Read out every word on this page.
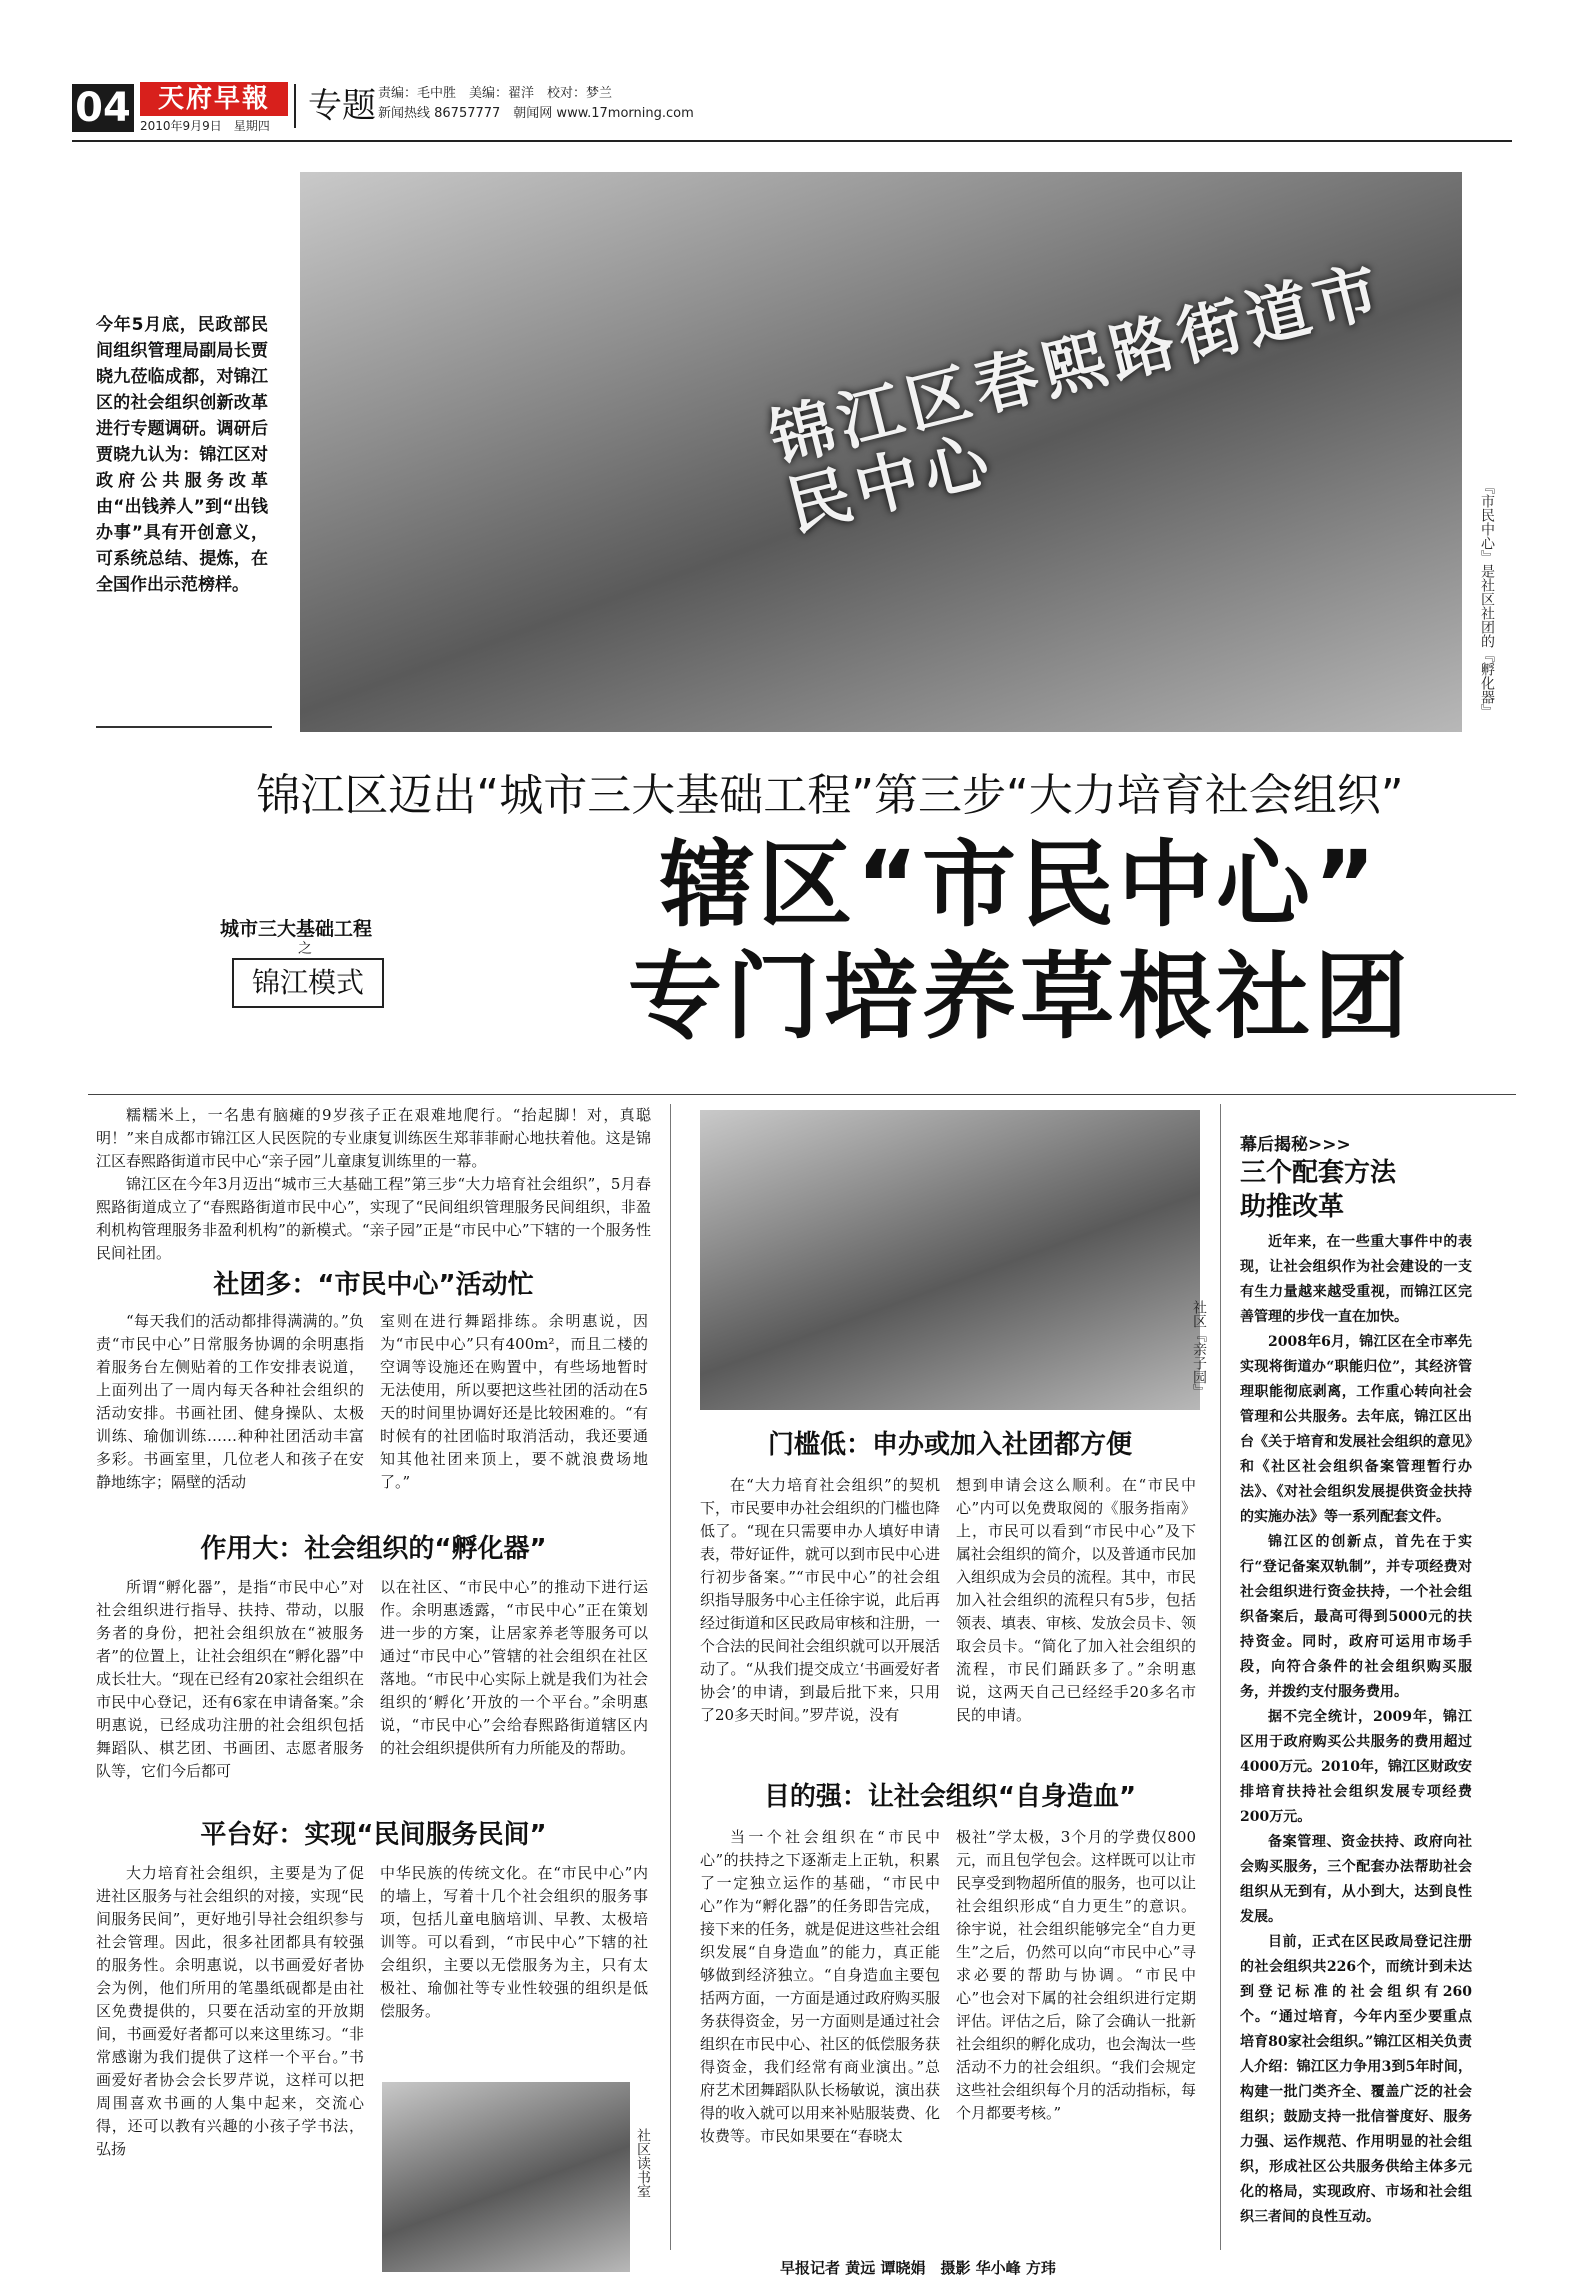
04	天府早報
2010年9月9日　星期四	专题 责编：毛中胜　美编：翟洋　校对：梦兰
新闻热线 86757777　朝闻网 www.17morning.com
锦江区春熙路街道市民中心	『市民中心』是社区社团的『孵化器』
今年5月底，民政部民间组织管理局副局长贾晓九莅临成都，对锦江区的社会组织创新改革进行专题调研。调研后贾晓九认为：锦江区对政府公共服务改革由“出钱养人”到“出钱办事”具有开创意义，可系统总结、提炼，在全国作出示范榜样。
锦江区迈出“城市三大基础工程”第三步“大力培育社会组织”
城市三大基础工程
之
锦江模式
辖区“市民中心”
专门培养草根社团

糯糯米上，一名患有脑瘫的9岁孩子正在艰难地爬行。“抬起脚！对，真聪明！”来自成都市锦江区人民医院的专业康复训练医生郑菲菲耐心地扶着他。这是锦江区春熙路街道市民中心“亲子园”儿童康复训练里的一幕。

锦江区在今年3月迈出“城市三大基础工程”第三步“大力培育社会组织”，5月春熙路街道成立了“春熙路街道市民中心”，实现了“民间组织管理服务民间组织，非盈利机构管理服务非盈利机构”的新模式。“亲子园”正是“市民中心”下辖的一个服务性民间社团。

社团多：“市民中心”活动忙
“每天我们的活动都排得满满的。”负责“市民中心”日常服务协调的余明惠指着服务台左侧贴着的工作安排表说道，上面列出了一周内每天各种社会组织的活动安排。书画社团、健身操队、太极训练、瑜伽训练……种种社团活动丰富多彩。书画室里，几位老人和孩子在安静地练字；隔壁的活动
室则在进行舞蹈排练。余明惠说，因为“市民中心”只有400m²，而且二楼的空调等设施还在购置中，有些场地暂时无法使用，所以要把这些社团的活动在5天的时间里协调好还是比较困难的。“有时候有的社团临时取消活动，我还要通知其他社团来顶上，要不就浪费场地了。”
作用大：社会组织的“孵化器”
所谓“孵化器”，是指“市民中心”对社会组织进行指导、扶持、带动，以服务者的身份，把社会组织放在“被服务者”的位置上，让社会组织在“孵化器”中成长壮大。“现在已经有20家社会组织在市民中心登记，还有6家在申请备案。”余明惠说，已经成功注册的社会组织包括舞蹈队、棋艺团、书画团、志愿者服务队等，它们今后都可
以在社区、“市民中心”的推动下进行运作。余明惠透露，“市民中心”正在策划进一步的方案，让居家养老等服务可以通过“市民中心”管辖的社会组织在社区落地。“市民中心实际上就是我们为社会组织的‘孵化’开放的一个平台。”余明惠说，“市民中心”会给春熙路街道辖区内的社会组织提供所有力所能及的帮助。
平台好：实现“民间服务民间”
大力培育社会组织，主要是为了促进社区服务与社会组织的对接，实现“民间服务民间”，更好地引导社会组织参与社会管理。因此，很多社团都具有较强的服务性。余明惠说，以书画爱好者协会为例，他们所用的笔墨纸砚都是由社区免费提供的，只要在活动室的开放期间，书画爱好者都可以来这里练习。“非常感谢为我们提供了这样一个平台。”书画爱好者协会会长罗芹说，这样可以把周围喜欢书画的人集中起来，交流心得，还可以教有兴趣的小孩子学书法，弘扬
中华民族的传统文化。在“市民中心”内的墙上，写着十几个社会组织的服务事项，包括儿童电脑培训、早教、太极培训等。可以看到，“市民中心”下辖的社会组织，主要以无偿服务为主，只有太极社、瑜伽社等专业性较强的组织是低偿服务。
社区读书室
社区『亲子园』
门槛低：申办或加入社团都方便
在“大力培育社会组织”的契机下，市民要申办社会组织的门槛也降低了。“现在只需要申办人填好申请表，带好证件，就可以到市民中心进行初步备案。”“市民中心”的社会组织指导服务中心主任徐宇说，此后再经过街道和区民政局审核和注册，一个合法的民间社会组织就可以开展活动了。“从我们提交成立‘书画爱好者协会’的申请，到最后批下来，只用了20多天时间。”罗芹说，没有
想到申请会这么顺利。在“市民中心”内可以免费取阅的《服务指南》上，市民可以看到“市民中心”及下属社会组织的简介，以及普通市民加入组织成为会员的流程。其中，市民加入社会组织的流程只有5步，包括领表、填表、审核、发放会员卡、领取会员卡。“简化了加入社会组织的流程，市民们踊跃多了。”余明惠说，这两天自己已经经手20多名市民的申请。
目的强：让社会组织“自身造血”
当一个社会组织在“市民中心”的扶持之下逐渐走上正轨，积累了一定独立运作的基础，“市民中心”作为“孵化器”的任务即告完成，接下来的任务，就是促进这些社会组织发展“自身造血”的能力，真正能够做到经济独立。“自身造血主要包括两方面，一方面是通过政府购买服务获得资金，另一方面则是通过社会组织在市民中心、社区的低偿服务获得资金，我们经常有商业演出。”总府艺术团舞蹈队队长杨敏说，演出获得的收入就可以用来补贴服装费、化妆费等。市民如果要在“春晓太
极社”学太极，3个月的学费仅800元，而且包学包会。这样既可以让市民享受到物超所值的服务，也可以让社会组织形成“自力更生”的意识。徐宇说，社会组织能够完全“自力更生”之后，仍然可以向“市民中心”寻求必要的帮助与协调。“市民中心”也会对下属的社会组织进行定期评估。评估之后，除了会确认一批新社会组织的孵化成功，也会淘汰一些活动不力的社会组织。“我们会规定这些社会组织每个月的活动指标，每个月都要考核。”
幕后揭秘>>>
三个配套方法
助推改革

近年来，在一些重大事件中的表现，让社会组织作为社会建设的一支有生力量越来越受重视，而锦江区完善管理的步伐一直在加快。

2008年6月，锦江区在全市率先实现将街道办“职能归位”，其经济管理职能彻底剥离，工作重心转向社会管理和公共服务。去年底，锦江区出台《关于培育和发展社会组织的意见》和《社区社会组织备案管理暂行办法》、《对社会组织发展提供资金扶持的实施办法》等一系列配套文件。

锦江区的创新点，首先在于实行“登记备案双轨制”，并专项经费对社会组织进行资金扶持，一个社会组织备案后，最高可得到5000元的扶持资金。同时，政府可运用市场手段，向符合条件的社会组织购买服务，并拨约支付服务费用。

据不完全统计，2009年，锦江区用于政府购买公共服务的费用超过4000万元。2010年，锦江区财政安排培育扶持社会组织发展专项经费200万元。

备案管理、资金扶持、政府向社会购买服务，三个配套办法帮助社会组织从无到有，从小到大，达到良性发展。

目前，正式在区民政局登记注册的社会组织共226个，而统计到未达到登记标准的社会组织有260个。“通过培育，今年内至少要重点培育80家社会组织。”锦江区相关负责人介绍：锦江区力争用3到5年时间，构建一批门类齐全、覆盖广泛的社会组织；鼓励支持一批信誉度好、服务力强、运作规范、作用明显的社会组织，形成社区公共服务供给主体多元化的格局，实现政府、市场和社会组织三者间的良性互动。

早报记者 黄远 谭晓娟　摄影 华小峰 方玮
